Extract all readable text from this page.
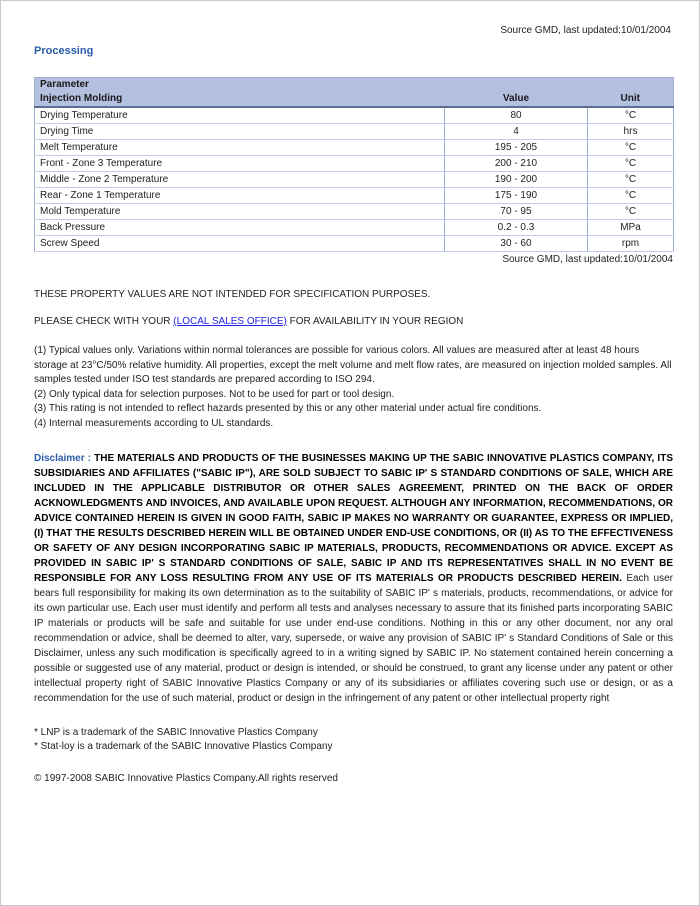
Source GMD, last updated:10/01/2004
Processing
Parameter		
Injection Molding	Value	Unit
Drying Temperature	80	°C
Drying Time	4	hrs
Melt Temperature	195 - 205	°C
Front - Zone 3 Temperature	200 - 210	°C
Middle - Zone 2 Temperature	190 - 200	°C
Rear - Zone 1 Temperature	175 - 190	°C
Mold Temperature	70 - 95	°C
Back Pressure	0.2 - 0.3	MPa
Screw Speed	30 - 60	rpm
Source GMD, last updated:10/01/2004

THESE PROPERTY VALUES ARE NOT INTENDED FOR SPECIFICATION PURPOSES.

PLEASE CHECK WITH YOUR (LOCAL SALES OFFICE) FOR AVAILABILITY IN YOUR REGION

(1) Typical values only. Variations within normal tolerances are possible for various colors. All values are measured after at least 48 hours storage at 23°C/50% relative humidity. All properties, except the melt volume and melt flow rates, are measured on injection molded samples. All samples tested under ISO test standards are prepared according to ISO 294.
(2) Only typical data for selection purposes. Not to be used for part or tool design.
(3) This rating is not intended to reflect hazards presented by this or any other material under actual fire conditions.
(4) Internal measurements according to UL standards.

Disclaimer : THE MATERIALS AND PRODUCTS OF THE BUSINESSES MAKING UP THE SABIC INNOVATIVE PLASTICS COMPANY, ITS SUBSIDIARIES AND AFFILIATES ("SABIC IP"), ARE SOLD SUBJECT TO SABIC IP' S STANDARD CONDITIONS OF SALE, WHICH ARE INCLUDED IN THE APPLICABLE DISTRIBUTOR OR OTHER SALES AGREEMENT, PRINTED ON THE BACK OF ORDER ACKNOWLEDGMENTS AND INVOICES, AND AVAILABLE UPON REQUEST. ALTHOUGH ANY INFORMATION, RECOMMENDATIONS, OR ADVICE CONTAINED HEREIN IS GIVEN IN GOOD FAITH, SABIC IP MAKES NO WARRANTY OR GUARANTEE, EXPRESS OR IMPLIED, (I) THAT THE RESULTS DESCRIBED HEREIN WILL BE OBTAINED UNDER END-USE CONDITIONS, OR (II) AS TO THE EFFECTIVENESS OR SAFETY OF ANY DESIGN INCORPORATING SABIC IP MATERIALS, PRODUCTS, RECOMMENDATIONS OR ADVICE. EXCEPT AS PROVIDED IN SABIC IP' S STANDARD CONDITIONS OF SALE, SABIC IP AND ITS REPRESENTATIVES SHALL IN NO EVENT BE RESPONSIBLE FOR ANY LOSS RESULTING FROM ANY USE OF ITS MATERIALS OR PRODUCTS DESCRIBED HEREIN. Each user bears full responsibility for making its own determination as to the suitability of SABIC IP' s materials, products, recommendations, or advice for its own particular use. Each user must identify and perform all tests and analyses necessary to assure that its finished parts incorporating SABIC IP materials or products will be safe and suitable for use under end-use conditions. Nothing in this or any other document, nor any oral recommendation or advice, shall be deemed to alter, vary, supersede, or waive any provision of SABIC IP' s Standard Conditions of Sale or this Disclaimer, unless any such modification is specifically agreed to in a writing signed by SABIC IP. No statement contained herein concerning a possible or suggested use of any material, product or design is intended, or should be construed, to grant any license under any patent or other intellectual property right of SABIC Innovative Plastics Company or any of its subsidiaries or affiliates covering such use or design, or as a recommendation for the use of such material, product or design in the infringement of any patent or other intellectual property right

* LNP is a trademark of the SABIC Innovative Plastics Company
* Stat-loy is a trademark of the SABIC Innovative Plastics Company

© 1997-2008 SABIC Innovative Plastics Company.All rights reserved
